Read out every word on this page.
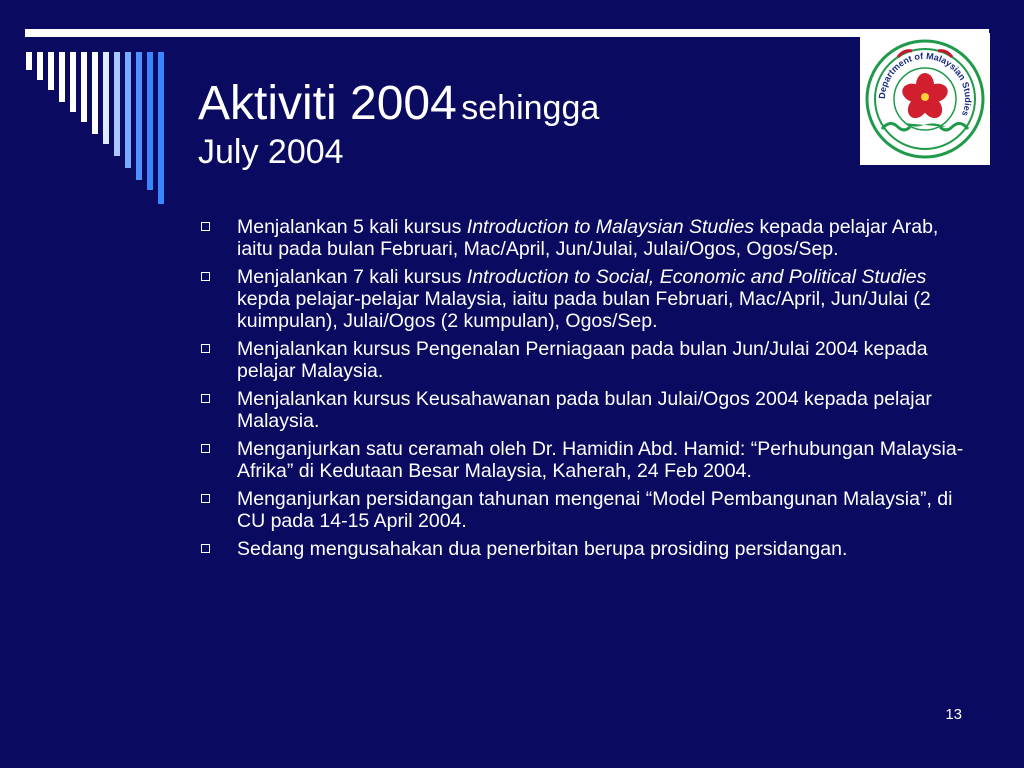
Aktiviti 2004 sehingga
July 2004
Department of Malaysian Studies
Menjalankan 5 kali kursus Introduction to Malaysian Studies kepada pelajar Arab, iaitu pada bulan Februari, Mac/April, Jun/Julai, Julai/Ogos, Ogos/Sep.
Menjalankan 7 kali kursus Introduction to Social, Economic and Political Studies kepda pelajar-pelajar Malaysia, iaitu pada bulan Februari, Mac/April, Jun/Julai (2 kuimpulan), Julai/Ogos (2 kumpulan), Ogos/Sep.
Menjalankan kursus Pengenalan Perniagaan pada bulan Jun/Julai 2004 kepada pelajar Malaysia.
Menjalankan kursus Keusahawanan pada bulan Julai/Ogos 2004 kepada pelajar Malaysia.
Menganjurkan satu ceramah oleh Dr. Hamidin Abd. Hamid: “Perhubungan Malaysia-Afrika” di Kedutaan Besar Malaysia, Kaherah, 24 Feb 2004.
Menganjurkan persidangan tahunan mengenai “Model Pembangunan Malaysia”, di CU pada 14-15 April 2004.
Sedang mengusahakan dua penerbitan berupa prosiding persidangan.
13
